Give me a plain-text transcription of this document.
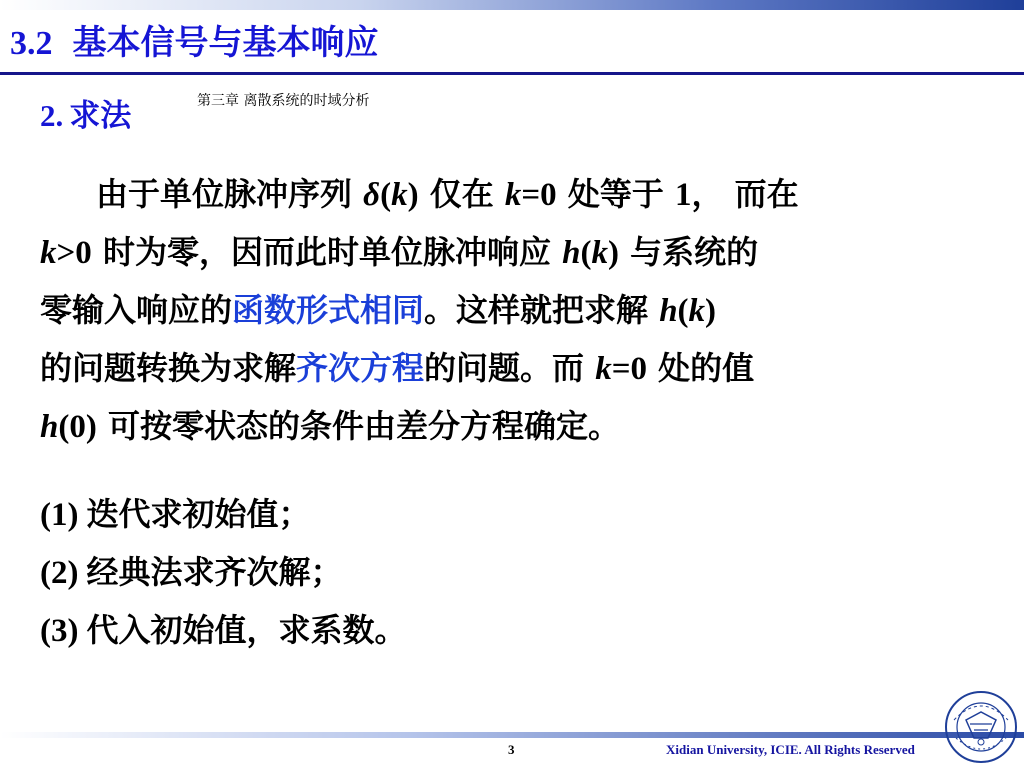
3.2 基本信号与基本响应
2. 求法	第三章 离散系统的时域分析
由于单位脉冲序列 δ(k) 仅在 k=0 处等于 1， 而在
k>0 时为零，因而此时单位脉冲响应 h(k) 与系统的
零输入响应的函数形式相同。这样就把求解 h(k)
的问题转换为求解齐次方程的问题。而 k=0 处的值
h(0) 可按零状态的条件由差分方程确定。
(1) 迭代求初始值；
(2) 经典法求齐次解；
(3) 代入初始值，求系数。
3	Xidian University, ICIE. All Rights Reserved
